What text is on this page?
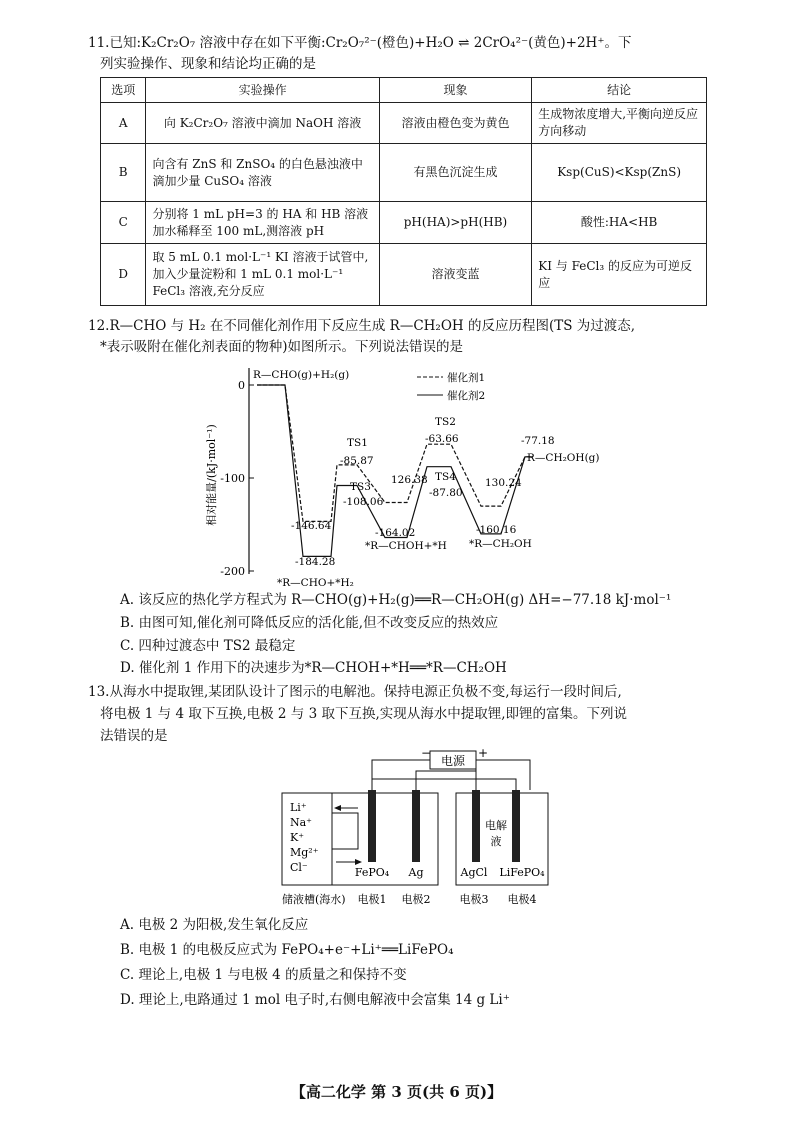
11.已知:K₂Cr₂O₇ 溶液中存在如下平衡:Cr₂O₇²⁻(橙色)+H₂O ⇌ 2CrO₄²⁻(黄色)+2H⁺。下
列实验操作、现象和结论均正确的是
选项	实验操作	现象	结论
A	向 K₂Cr₂O₇ 溶液中滴加 NaOH 溶液	溶液由橙色变为黄色	生成物浓度增大,平衡向逆反应方向移动
B	向含有 ZnS 和 ZnSO₄ 的白色悬浊液中滴加少量 CuSO₄ 溶液	有黑色沉淀生成	Ksp(CuS)<Ksp(ZnS)
C	分别将 1 mL pH=3 的 HA 和 HB 溶液加水稀释至 100 mL,测溶液 pH	pH(HA)>pH(HB)	酸性:HA<HB
D	取 5 mL 0.1 mol·L⁻¹ KI 溶液于试管中,加入少量淀粉和 1 mL 0.1 mol·L⁻¹ FeCl₃ 溶液,充分反应	溶液变蓝	KI 与 FeCl₃ 的反应为可逆反应
12.R—CHO 与 H₂ 在不同催化剂作用下反应生成 R—CH₂OH 的反应历程图(TS 为过渡态,
*表示吸附在催化剂表面的物种)如图所示。下列说法错误的是
相对能量/(kJ·mol⁻¹)
0
-100
-200
催化剂1
催化剂2
R—CHO(g)+H₂(g)
R—CH₂OH(g)
-77.18
TS1
-85.87
TS2
-63.66
TS3
-108.06
TS4
-87.80
-146.64
-184.28
126.38
-164.02
130.24
-160.16
*R—CHO+*H₂
*R—CHOH+*H *R—CH₂OH
A. 该反应的热化学方程式为 R—CHO(g)+H₂(g)══R—CH₂OH(g) ΔH=−77.18 kJ·mol⁻¹
B. 由图可知,催化剂可降低反应的活化能,但不改变反应的热效应
C. 四种过渡态中 TS2 最稳定
D. 催化剂 1 作用下的决速步为*R—CHOH+*H══*R—CH₂OH
13.从海水中提取锂,某团队设计了图示的电解池。保持电源正负极不变,每运行一段时间后,
将电极 1 与 4 取下互换,电极 2 与 3 取下互换,实现从海水中提取锂,即锂的富集。下列说
法错误的是
电源
−	+
Li⁺
Na⁺
K⁺
Mg²⁺
Cl⁻	FePO₄ Ag
电解
液
AgCl LiFePO₄
储液槽(海水) 电极1 电极2	电极3 电极4
A. 电极 2 为阳极,发生氧化反应
B. 电极 1 的电极反应式为 FePO₄+e⁻+Li⁺══LiFePO₄
C. 理论上,电极 1 与电极 4 的质量之和保持不变
D. 理论上,电路通过 1 mol 电子时,右侧电解液中会富集 14 g Li⁺
【高二化学 第 3 页(共 6 页)】
